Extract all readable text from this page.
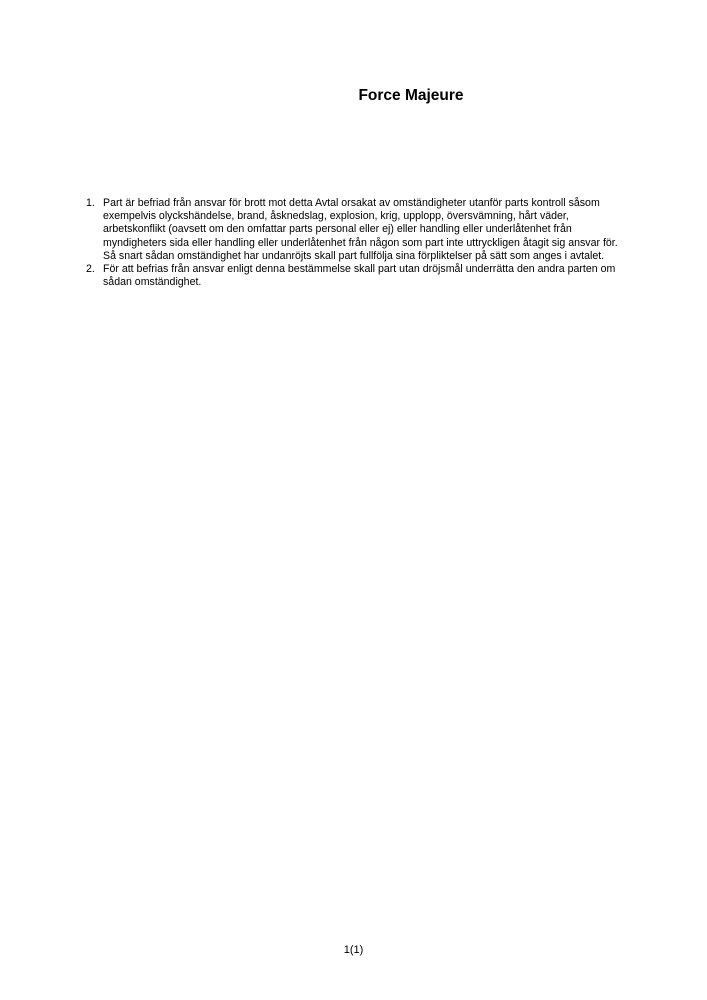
Force Majeure
1. Part är befriad från ansvar för brott mot detta Avtal orsakat av omständigheter utanför parts kontroll såsom exempelvis olyckshändelse, brand, åsknedslag, explosion, krig, upplopp, översvämning, hårt väder, arbetskonflikt (oavsett om den omfattar parts personal eller ej) eller handling eller underlåtenhet från myndigheters sida eller handling eller underlåtenhet från någon som part inte uttryckligen åtagit sig ansvar för. Så snart sådan omständighet har undanröjts skall part fullfölja sina förpliktelser på sätt som anges i avtalet.
2. För att befrias från ansvar enligt denna bestämmelse skall part utan dröjsmål underrätta den andra parten om sådan omständighet.
1(1)
